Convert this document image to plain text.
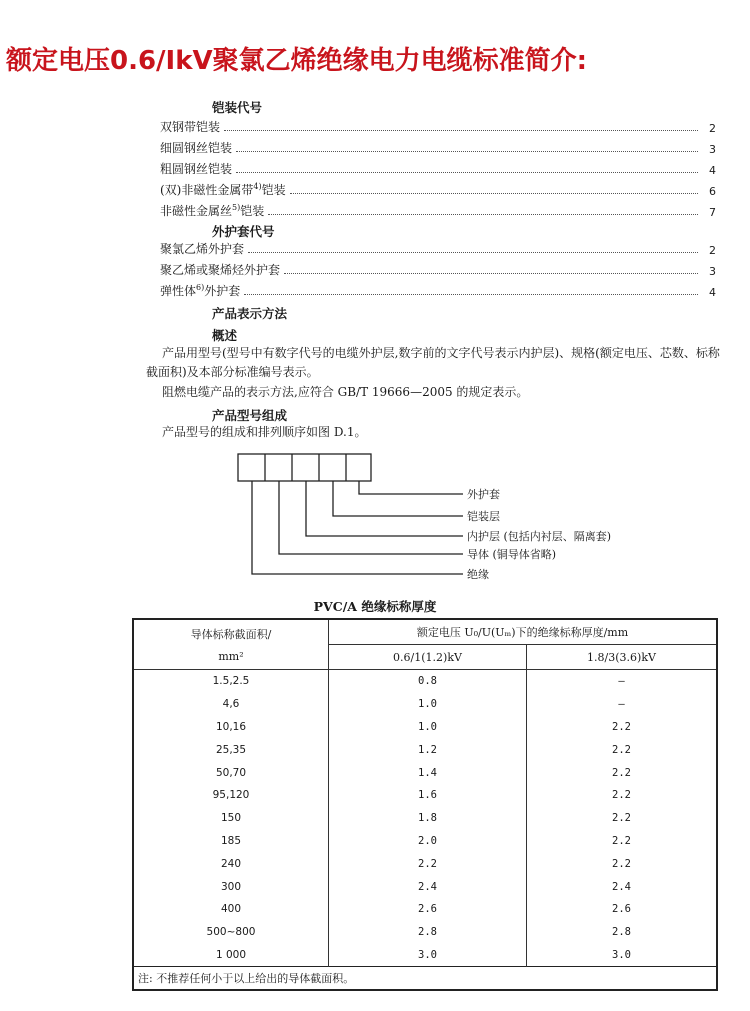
额定电压0.6/IkV聚氯乙烯绝缘电力电缆标准简介:
铠装代号
双钢带铠装	2
细圆钢丝铠装	3
粗圆钢丝铠装	4
(双)非磁性金属带$^{4)}$铠装	6
非磁性金属丝$^{5)}$铠装	7
外护套代号
聚氯乙烯外护套	2
聚乙烯或聚烯烃外护套	3
弹性体$^{6)}$外护套	4
产品表示方法
概述
产品用型号(型号中有数字代号的电缆外护层,数字前的文字代号表示内护层)、规格(额定电压、芯数、标称截面积)及本部分标准编号表示。
阻燃电缆产品的表示方法,应符合 GB/T 19666—2005 的规定表示。
产品型号组成
产品型号的组成和排列顺序如图 D.1。
外护套
铠装层
内护层 (包括内衬层、隔离套)
导体 (铜导体省略)
绝缘
PVC/A 绝缘标称厚度
导体标称截面积/
mm²	额定电压 U₀/U(Uₘ)下的绝缘标称厚度/mm	
	0.6/1(1.2)kV	1.8/3(3.6)kV
1.5,2.5	0.8	—
4,6	1.0	—
10,16	1.0	2.2
25,35	1.2	2.2
50,70	1.4	2.2
95,120	1.6	2.2
150	1.8	2.2
185	2.0	2.2
240	2.2	2.2
300	2.4	2.4
400	2.6	2.6
500~800	2.8	2.8
1 000	3.0	3.0
注: 不推荐任何小于以上给出的导体截面积。		
